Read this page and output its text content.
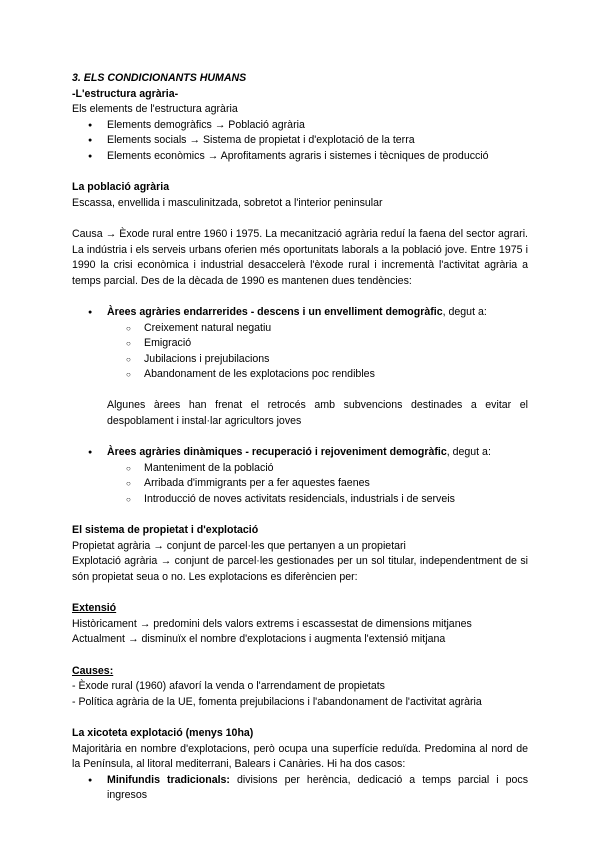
3. ELS CONDICIONANTS HUMANS

-L'estructura agrària-

Els elements de l'estructura agrària

● Elements demogràfics → Població agrària
● Elements socials → Sistema de propietat i d'explotació de la terra
● Elements econòmics → Aprofitaments agraris i sistemes i tècniques de producció

La població agrària

Escassa, envellida i masculinitzada, sobretot a l'interior peninsular

Causa → Èxode rural entre 1960 i 1975. La mecanització agrària reduí la faena del sector agrari. La indústria i els serveis urbans oferien més oportunitats laborals a la població jove. Entre 1975 i 1990 la crisi econòmica i industrial desaccelerà l'èxode rural i incrementà l'activitat agrària a temps parcial. Des de la dècada de 1990 es mantenen dues tendències:

● Àrees agràries endarrerides - descens i un envelliment demogràfic, degut a:
○ Creixement natural negatiu
○ Emigració
○ Jubilacions i prejubilacions
○ Abandonament de les explotacions poc rendibles

Algunes àrees han frenat el retrocés amb subvencions destinades a evitar el despoblament i instal·lar agricultors joves

● Àrees agràries dinàmiques - recuperació i rejoveniment demogràfic, degut a:
○ Manteniment de la població
○ Arribada d'immigrants per a fer aquestes faenes
○ Introducció de noves activitats residencials, industrials i de serveis

El sistema de propietat i d'explotació

Propietat agrària → conjunt de parcel·les que pertanyen a un propietari

Explotació agrària → conjunt de parcel·les gestionades per un sol titular, independentment de si són propietat seua o no. Les explotacions es diferèncien per:

Extensió

Històricament → predomini dels valors extrems i escassestat de dimensions mitjanes

Actualment → disminuïx el nombre d'explotacions i augmenta l'extensió mitjana

Causes:

- Èxode rural (1960) afavorí la venda o l'arrendament de propietats

- Política agrària de la UE, fomenta prejubilacions i l'abandonament de l'activitat agrària

La xicoteta explotació (menys 10ha)

Majoritària en nombre d'explotacions, però ocupa una superfície reduïda. Predomina al nord de la Península, al litoral mediterrani, Balears i Canàries. Hi ha dos casos:

● Minifundis tradicionals: divisions per herència, dedicació a temps parcial i pocs ingresos
